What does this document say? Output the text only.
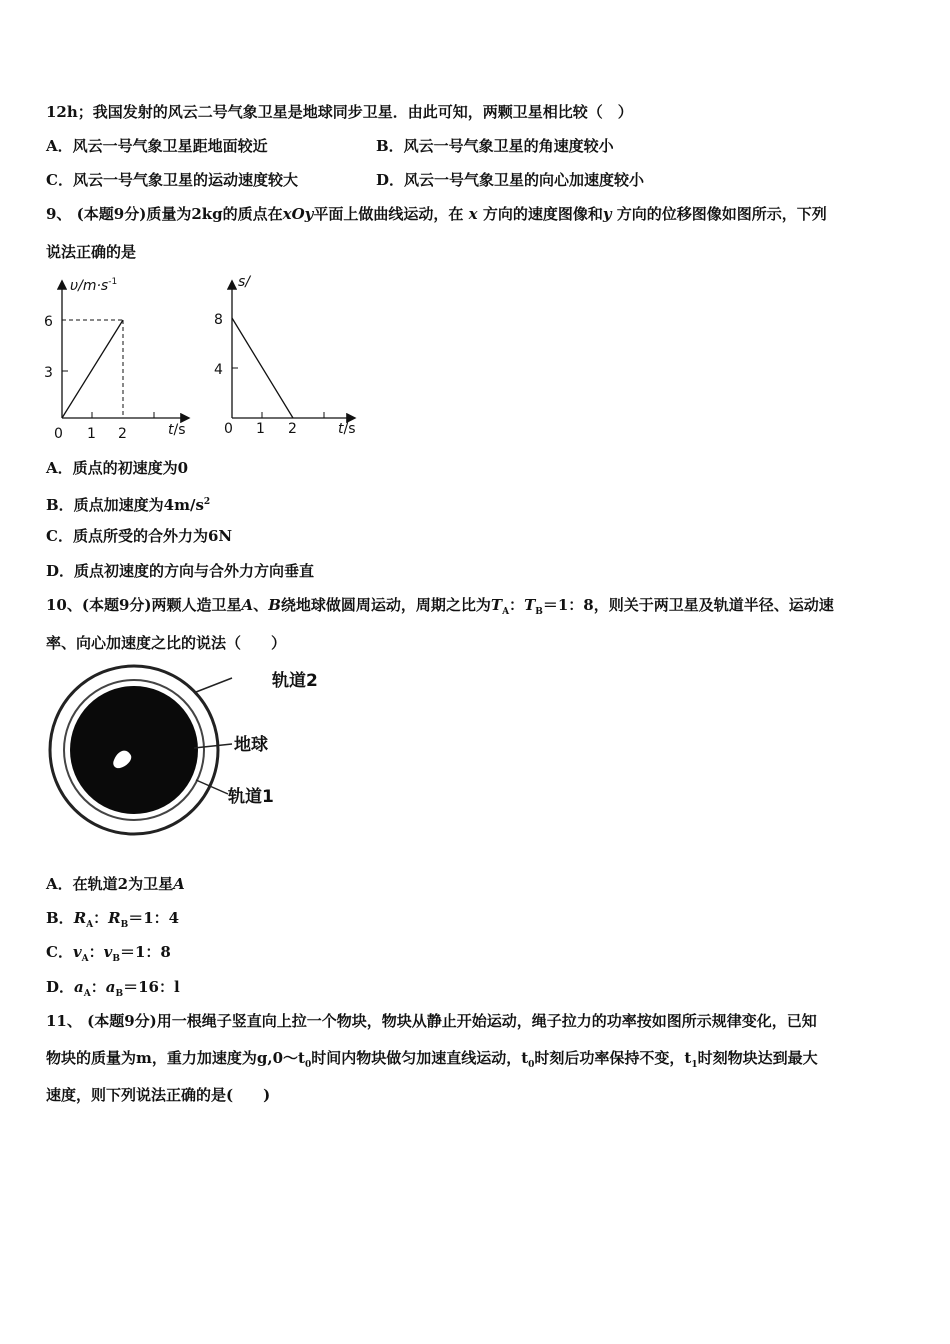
12h；我国发射的风云二号气象卫星是地球同步卫星．由此可知，两颗卫星相比较（　）
A．风云一号气象卫星距地面较近	B．风云一号气象卫星的角速度较小
C．风云一号气象卫星的运动速度较大	D．风云一号气象卫星的向心加速度较小
9、 (本题9分)质量为2kg的质点在xOy平面上做曲线运动，在 x 方向的速度图像和y 方向的位移图像如图所示，下列
说法正确的是
$\upsilon/m\cdot s^{-1}$
6
3
0 1 2	t/s
s/
8
4
0 1 2	t/s
A．质点的初速度为0
B．质点加速度为$4m/s^2$
C．质点所受的合外力为6N
D．质点初速度的方向与合外力方向垂直
10、(本题9分)两颗人造卫星A、B绕地球做圆周运动，周期之比为$T_A$：$T_B=1$：8，则关于两卫星及轨道半径、运动速
率、向心加速度之比的说法（　　）
轨道2
地球
轨道1
A．在轨道2为卫星A
B．$R_A$：$R_B=1$：4
C．$v_A$：$v_B=1$：8
D．$a_A$：$a_B=16$：l
11、 (本题9分)用一根绳子竖直向上拉一个物块，物块从静止开始运动，绳子拉力的功率按如图所示规律变化，已知
物块的质量为m，重力加速度为$g,0\sim t_0$时间内物块做匀加速直线运动，$t_0$时刻后功率保持不变，$t_1$时刻物块达到最大
速度，则下列说法正确的是(　　)
